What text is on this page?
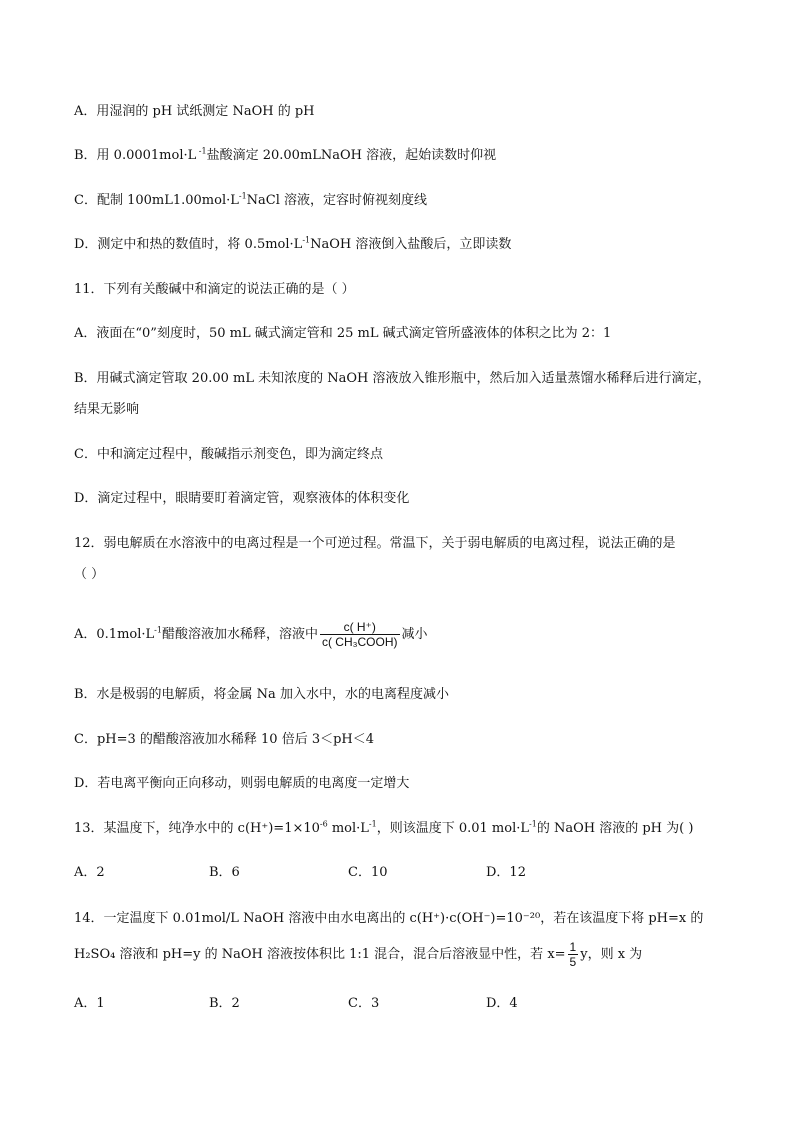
A．用湿润的 pH 试纸测定 NaOH 的 pH
B．用 0.0001mol·L $^{-1}$盐酸滴定 20.00mLNaOH 溶液，起始读数时仰视
C．配制 $100mL1.00mol\cdot L^{-1}NaCl$ 溶液，定容时俯视刻度线
D．测定中和热的数值时，将 $0.5mol\cdot L^{-1}NaOH$ 溶液倒入盐酸后，立即读数
11．下列有关酸碱中和滴定的说法正确的是（ ）
A．液面在“0”刻度时，50 mL 碱式滴定管和 25 mL 碱式滴定管所盛液体的体积之比为 2：1
B．用碱式滴定管取 20.00 mL 未知浓度的 NaOH 溶液放入锥形瓶中，然后加入适量蒸馏水稀释后进行滴定，
结果无影响
C．中和滴定过程中，酸碱指示剂变色，即为滴定终点
D．滴定过程中，眼睛要盯着滴定管，观察液体的体积变化
12．弱电解质在水溶液中的电离过程是一个可逆过程。常温下，关于弱电解质的电离过程，说法正确的是
（ ）
A．$0.1mol\cdot L^{-1}$醋酸溶液加水稀释，溶液中 $\frac{c( H^+)}{\text{c( CH₃COOH)}}$ 减小
B．水是极弱的电解质，将金属 Na 加入水中，水的电离程度减小
C．pH=3 的醋酸溶液加水稀释 10 倍后 3＜pH＜4
D．若电离平衡向正向移动，则弱电解质的电离度一定增大
13．某温度下，纯净水中的 $c(H^+)=1\times 10^{-6}$ $mol\cdot L^{-1}$，则该温度下 0.01 $mol\cdot L^{-1}$的 NaOH 溶液的 pH 为( )
A．2	B．6	C．10	D．12
14．一定温度下 0.01mol/L NaOH 溶液中由水电离出的 c(H⁺)·c(OH⁻)=10⁻²⁰，若在该温度下将 pH=x 的
H₂SO₄ 溶液和 pH=y 的 NaOH 溶液按体积比 1:1 混合，混合后溶液显中性，若 $x= \frac{1}{5}$ y，则 x 为
A．1	B．2	C．3	D．4
